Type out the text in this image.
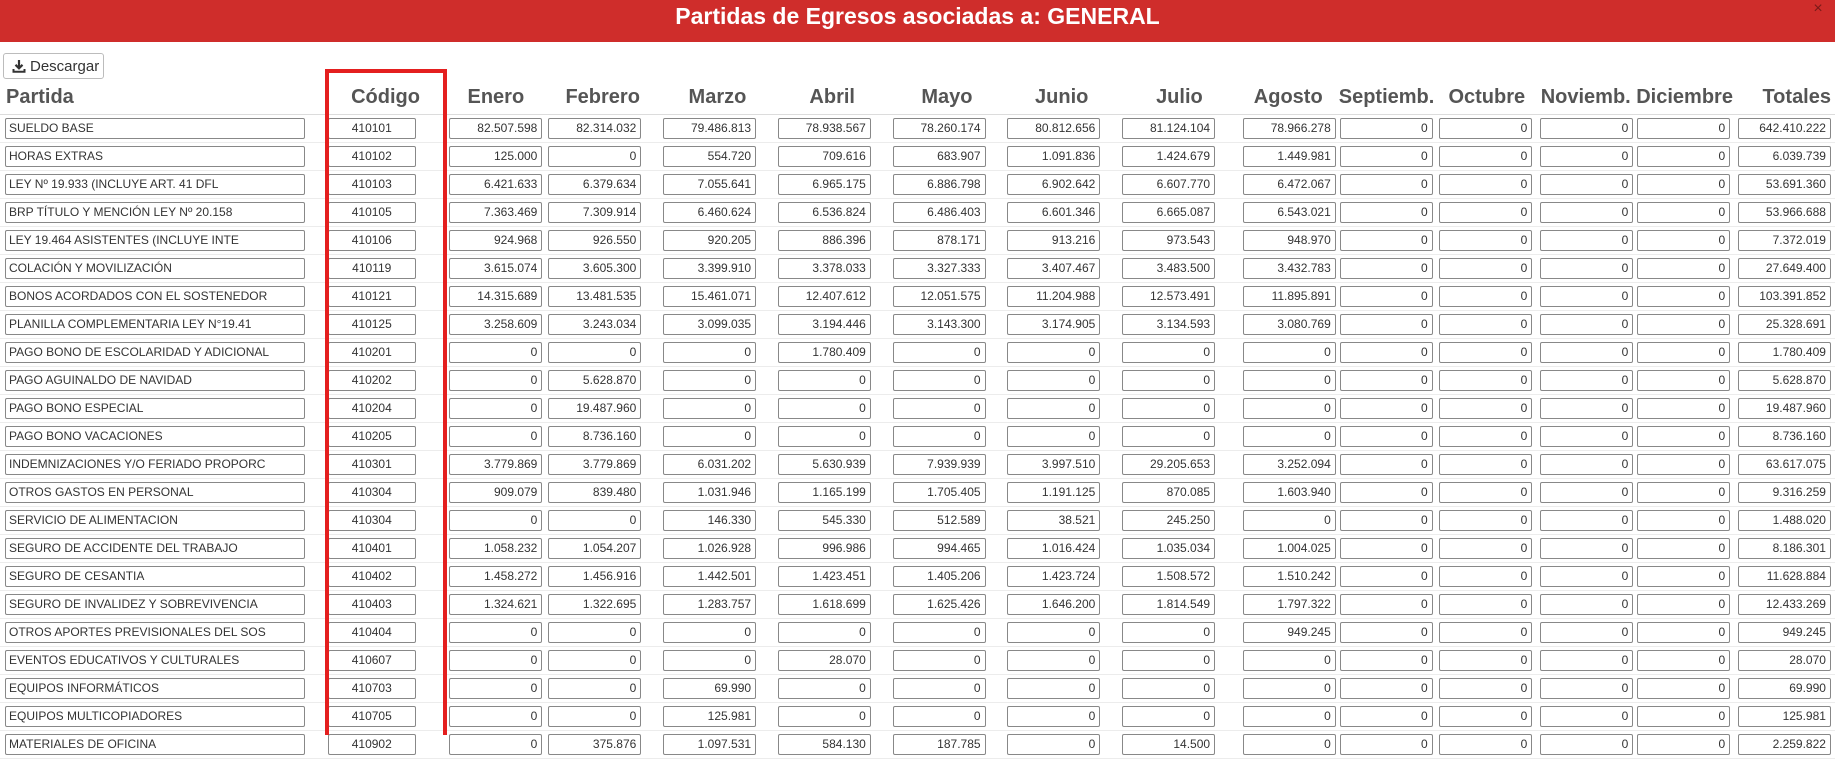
Partidas de Egresos asociadas a: GENERAL	×
Descargar
Partida	Código	Enero	Febrero	Marzo	Abril	Mayo	Junio	Julio	Agosto	Septiemb.	Octubre	Noviemb.	Diciembre	Totales

SUELDO BASE	410101	82.507.598	82.314.032	79.486.813	78.938.567	78.260.174	80.812.656	81.124.104	78.966.278	0	0	0	0	642.410.222

HORAS EXTRAS	410102	125.000	0	554.720	709.616	683.907	1.091.836	1.424.679	1.449.981	0	0	0	0	6.039.739

LEY Nº 19.933 (INCLUYE ART. 41 DFL	410103	6.421.633	6.379.634	7.055.641	6.965.175	6.886.798	6.902.642	6.607.770	6.472.067	0	0	0	0	53.691.360

BRP TÍTULO Y MENCIÓN LEY Nº 20.158	410105	7.363.469	7.309.914	6.460.624	6.536.824	6.486.403	6.601.346	6.665.087	6.543.021	0	0	0	0	53.966.688

LEY 19.464 ASISTENTES (INCLUYE INTE	410106	924.968	926.550	920.205	886.396	878.171	913.216	973.543	948.970	0	0	0	0	7.372.019

COLACIÓN Y MOVILIZACIÓN	410119	3.615.074	3.605.300	3.399.910	3.378.033	3.327.333	3.407.467	3.483.500	3.432.783	0	0	0	0	27.649.400

BONOS ACORDADOS CON EL SOSTENEDOR	410121	14.315.689	13.481.535	15.461.071	12.407.612	12.051.575	11.204.988	12.573.491	11.895.891	0	0	0	0	103.391.852

PLANILLA COMPLEMENTARIA LEY N°19.41	410125	3.258.609	3.243.034	3.099.035	3.194.446	3.143.300	3.174.905	3.134.593	3.080.769	0	0	0	0	25.328.691

PAGO BONO DE ESCOLARIDAD Y ADICIONAL	410201	0	0	0	1.780.409	0	0	0	0	0	0	0	0	1.780.409

PAGO AGUINALDO DE NAVIDAD	410202	0	5.628.870	0	0	0	0	0	0	0	0	0	0	5.628.870

PAGO BONO ESPECIAL	410204	0	19.487.960	0	0	0	0	0	0	0	0	0	0	19.487.960

PAGO BONO VACACIONES	410205	0	8.736.160	0	0	0	0	0	0	0	0	0	0	8.736.160

INDEMNIZACIONES Y/O FERIADO PROPORC	410301	3.779.869	3.779.869	6.031.202	5.630.939	7.939.939	3.997.510	29.205.653	3.252.094	0	0	0	0	63.617.075

OTROS GASTOS EN PERSONAL	410304	909.079	839.480	1.031.946	1.165.199	1.705.405	1.191.125	870.085	1.603.940	0	0	0	0	9.316.259

SERVICIO DE ALIMENTACION	410304	0	0	146.330	545.330	512.589	38.521	245.250	0	0	0	0	0	1.488.020

SEGURO DE ACCIDENTE DEL TRABAJO	410401	1.058.232	1.054.207	1.026.928	996.986	994.465	1.016.424	1.035.034	1.004.025	0	0	0	0	8.186.301

SEGURO DE CESANTIA	410402	1.458.272	1.456.916	1.442.501	1.423.451	1.405.206	1.423.724	1.508.572	1.510.242	0	0	0	0	11.628.884

SEGURO DE INVALIDEZ Y SOBREVIVENCIA	410403	1.324.621	1.322.695	1.283.757	1.618.699	1.625.426	1.646.200	1.814.549	1.797.322	0	0	0	0	12.433.269

OTROS APORTES PREVISIONALES DEL SOS	410404	0	0	0	0	0	0	0	949.245	0	0	0	0	949.245

EVENTOS EDUCATIVOS Y CULTURALES	410607	0	0	0	28.070	0	0	0	0	0	0	0	0	28.070

EQUIPOS INFORMÁTICOS	410703	0	0	69.990	0	0	0	0	0	0	0	0	0	69.990

EQUIPOS MULTICOPIADORES	410705	0	0	125.981	0	0	0	0	0	0	0	0	0	125.981

MATERIALES DE OFICINA	410902	0	375.876	1.097.531	584.130	187.785	0	14.500	0	0	0	0	0	2.259.822
